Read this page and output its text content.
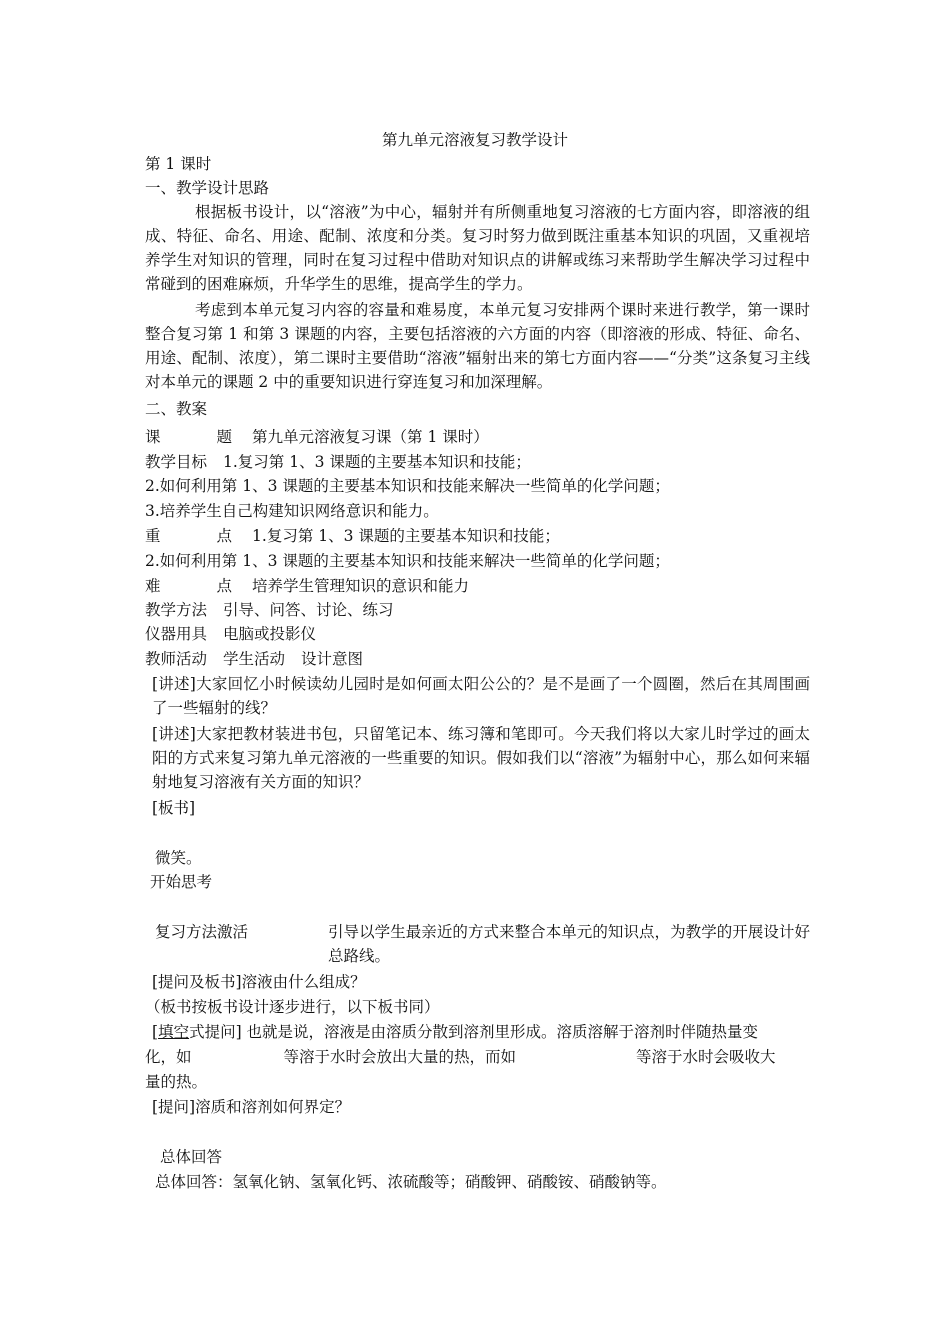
第九单元溶液复习教学设计
第 1 课时
一、教学设计思路
根据板书设计，以“溶液”为中心，辐射并有所侧重地复习溶液的七方面内容，即溶液的组成、特征、命名、用途、配制、浓度和分类。复习时努力做到既注重基本知识的巩固，又重视培养学生对知识的管理，同时在复习过程中借助对知识点的讲解或练习来帮助学生解决学习过程中常碰到的困难麻烦，升华学生的思维，提高学生的学力。
考虑到本单元复习内容的容量和难易度，本单元复习安排两个课时来进行教学，第一课时整合复习第 1 和第 3 课题的内容，主要包括溶液的六方面的内容（即溶液的形成、特征、命名、用途、配制、浓度），第二课时主要借助“溶液”辐射出来的第七方面内容——“分类”这条复习主线对本单元的课题 2 中的重要知识进行穿连复习和加深理解。
二、教案
课	题 第九单元溶液复习课（第 1 课时）
教学目标 1.复习第 1、3 课题的主要基本知识和技能；
2.如何利用第 1、3 课题的主要基本知识和技能来解决一些简单的化学问题；
3.培养学生自己构建知识网络意识和能力。
重	点 1.复习第 1、3 课题的主要基本知识和技能；
2.如何利用第 1、3 课题的主要基本知识和技能来解决一些简单的化学问题；
难	点 培养学生管理知识的意识和能力
教学方法 引导、问答、讨论、练习
仪器用具 电脑或投影仪
教师活动 学生活动 设计意图
[讲述]大家回忆小时候读幼儿园时是如何画太阳公公的？是不是画了一个圆圈，然后在其周围画了一些辐射的线？
[讲述]大家把教材装进书包，只留笔记本、练习簿和笔即可。今天我们将以大家儿时学过的画太阳的方式来复习第九单元溶液的一些重要的知识。假如我们以“溶液”为辐射中心，那么如何来辐射地复习溶液有关方面的知识？
[板书]
微笑。
开始思考
复习方法激活	引导以学生最亲近的方式来整合本单元的知识点，为教学的开展设计好总路线。
[提问及板书]溶液由什么组成？
（板书按板书设计逐步进行，以下板书同）
[填空式提问] 也就是说，溶液是由溶质分散到溶剂里形成。溶质溶解于溶剂时伴随热量变
化，如	等溶于水时会放出大量的热，而如	等溶于水时会吸收大
量的热。
[提问]溶质和溶剂如何界定？
总体回答
总体回答：氢氧化钠、氢氧化钙、浓硫酸等；硝酸钾、硝酸铵、硝酸钠等。
